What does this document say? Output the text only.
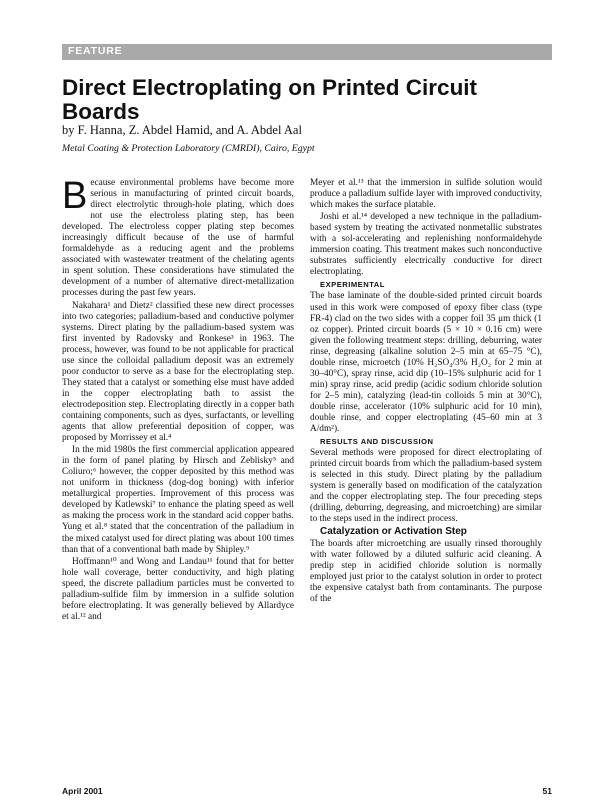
FEATURE
Direct Electroplating on Printed Circuit Boards

by F. Hanna, Z. Abdel Hamid, and A. Abdel Aal

Metal Coating & Protection Laboratory (CMRDI), Cairo, Egypt

Because environmental problems have become more serious in manufacturing of printed circuit boards, direct electrolytic through-hole plating, which does not use the electroless plating step, has been developed. The electroless copper plating step becomes increasingly difficult because of the use of harmful formaldehyde as a reducing agent and the problems associated with wastewater treatment of the chelating agents in spent solution. These considerations have stimulated the development of a number of alternative direct-metallization processes during the past few years.

Nakahara¹ and Dietz² classified these new direct processes into two categories; palladium-based and conductive polymer systems. Direct plating by the palladium-based system was first invented by Radovsky and Ronkese³ in 1963. The process, however, was found to be not applicable for practical use since the colloidal palladium deposit was an extremely poor conductor to serve as a base for the electroplating step. They stated that a catalyst or something else must have added in the copper electroplating bath to assist the electrodeposition step. Electroplating directly in a copper bath containing components, such as dyes, surfactants, or levelling agents that allow preferential deposition of copper, was proposed by Morrissey et al.⁴

In the mid 1980s the first commercial application appeared in the form of panel plating by Hirsch and Zeblisky⁵ and Coliuro;⁶ however, the copper deposited by this method was not uniform in thickness (dog-dog boning) with inferior metallurgical properties. Improvement of this process was developed by Katlewski⁷ to enhance the plating speed as well as making the process work in the standard acid copper baths. Yung et al.⁸ stated that the concentration of the palladium in the mixed catalyst used for direct plating was about 100 times than that of a conventional bath made by Shipley.⁹

Hoffmann¹⁰ and Wong and Landau¹¹ found that for better hole wall coverage, better conductivity, and high plating speed, the discrete palladium particles must be converted to palladium-sulfide film by immersion in a sulfide solution before electroplating. It was generally believed by Allardyce et al.¹² and

Meyer et al.¹³ that the immersion in sulfide solution would produce a palladium sulfide layer with improved conductivity, which makes the surface platable.

Joshi et al.¹⁴ developed a new technique in the palladium-based system by treating the activated nonmetallic substrates with a sol-accelerating and replenishing nonformaldehyde immersion coating. This treatment makes such nonconductive substrates sufficiently electrically conductive for direct electroplating.

EXPERIMENTAL

The base laminate of the double-sided printed circuit boards used in this work were composed of epoxy fiber class (type FR-4) clad on the two sides with a copper foil 35 μm thick (1 oz copper). Printed circuit boards (5 × 10 × 0.16 cm) were given the following treatment steps: drilling, deburring, water rinse, degreasing (alkaline solution 2–5 min at 65–75 °C), double rinse, microetch (10% H₂SO₄/3% H₂O₂ for 2 min at 30–40°C), spray rinse, acid dip (10–15% sulphuric acid for 1 min) spray rinse, acid predip (acidic sodium chloride solution for 2–5 min), catalyzing (lead-tin colloids 5 min at 30°C), double rinse, accelerator (10% sulphuric acid for 10 min), double rinse, and copper electroplating (45–60 min at 3 A/dm²).

RESULTS AND DISCUSSION

Several methods were proposed for direct electroplating of printed circuit boards from which the palladium-based system is selected in this study. Direct plating by the palladium system is generally based on modification of the catalyzation and the copper electroplating step. The four preceding steps (drilling, deburring, degreasing, and microetching) are similar to the steps used in the indirect process.

Catalyzation or Activation Step

The boards after microetching are usually rinsed thoroughly with water followed by a diluted sulfuric acid cleaning. A predip step in acidified chloride solution is normally employed just prior to the catalyst solution in order to protect the expensive catalyst bath from contaminants. The purpose of the

April 2001	51
